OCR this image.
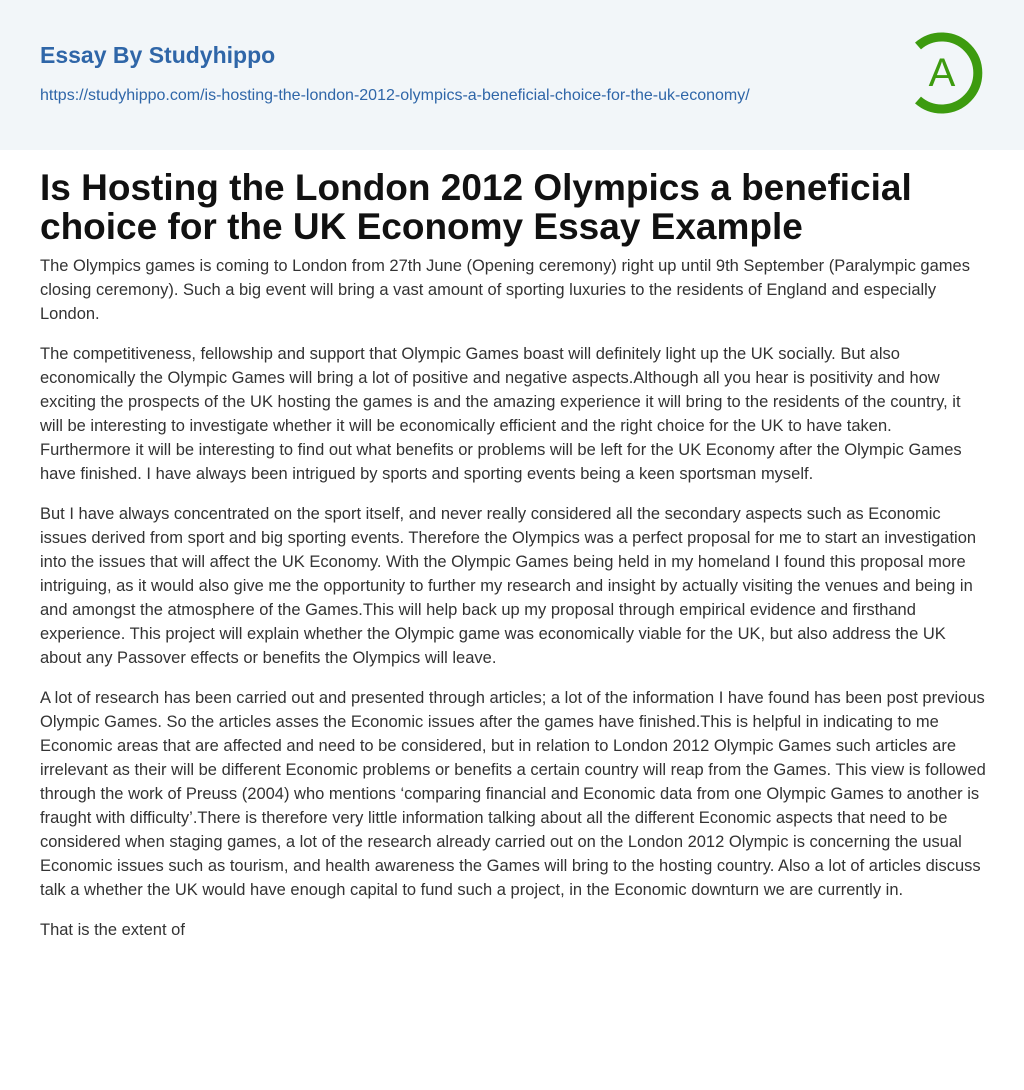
Essay By Studyhippo
https://studyhippo.com/is-hosting-the-london-2012-olympics-a-beneficial-choice-for-the-uk-economy/
A
Is Hosting the London 2012 Olympics a beneficial choice for the UK Economy Essay Example

The Olympics games is coming to London from 27th June (Opening ceremony) right up until 9th September (Paralympic games closing ceremony). Such a big event will bring a vast amount of sporting luxuries to the residents of England and especially London.

The competitiveness, fellowship and support that Olympic Games boast will definitely light up the UK socially. But also economically the Olympic Games will bring a lot of positive and negative aspects.Although all you hear is positivity and how exciting the prospects of the UK hosting the games is and the amazing experience it will bring to the residents of the country, it will be interesting to investigate whether it will be economically efficient and the right choice for the UK to have taken. Furthermore it will be interesting to find out what benefits or problems will be left for the UK Economy after the Olympic Games have finished. I have always been intrigued by sports and sporting events being a keen sportsman myself.

But I have always concentrated on the sport itself, and never really considered all the secondary aspects such as Economic issues derived from sport and big sporting events. Therefore the Olympics was a perfect proposal for me to start an investigation into the issues that will affect the UK Economy. With the Olympic Games being held in my homeland I found this proposal more intriguing, as it would also give me the opportunity to further my research and insight by actually visiting the venues and being in and amongst the atmosphere of the Games.This will help back up my proposal through empirical evidence and firsthand experience. This project will explain whether the Olympic game was economically viable for the UK, but also address the UK about any Passover effects or benefits the Olympics will leave.

A lot of research has been carried out and presented through articles; a lot of the information I have found has been post previous Olympic Games. So the articles asses the Economic issues after the games have finished.This is helpful in indicating to me Economic areas that are affected and need to be considered, but in relation to London 2012 Olympic Games such articles are irrelevant as their will be different Economic problems or benefits a certain country will reap from the Games. This view is followed through the work of Preuss (2004) who mentions ‘comparing financial and Economic data from one Olympic Games to another is fraught with difficulty’.There is therefore very little information talking about all the different Economic aspects that need to be considered when staging games, a lot of the research already carried out on the London 2012 Olympic is concerning the usual Economic issues such as tourism, and health awareness the Games will bring to the hosting country. Also a lot of articles discuss talk a whether the UK would have enough capital to fund such a project, in the Economic downturn we are currently in.

That is the extent of
